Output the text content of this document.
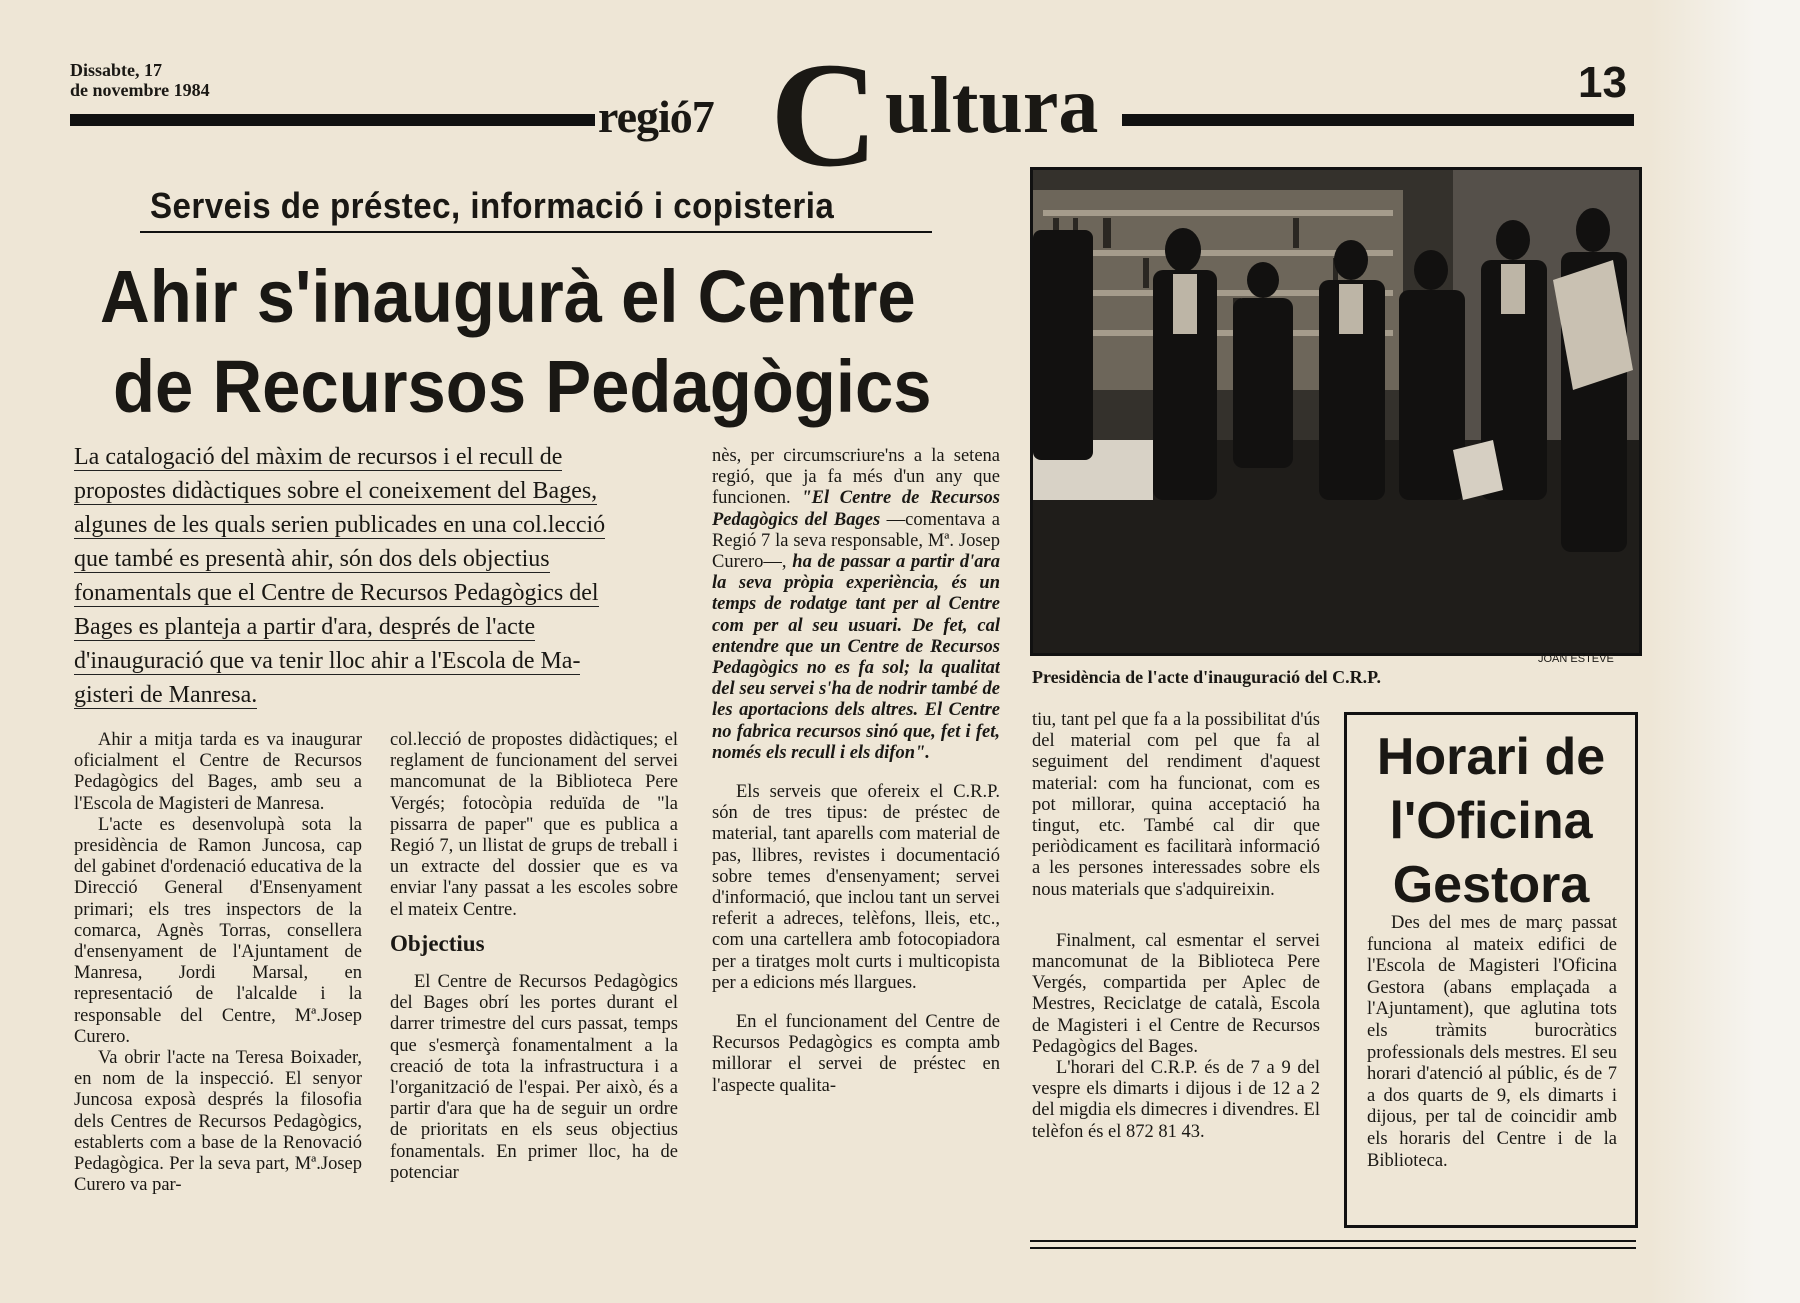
Dissabte, 17
de novembre 1984
regió7 C ultura	13
Serveis de préstec, informació i copisteria
Ahir s'inaugurà el Centre
de Recursos Pedagògics
La catalogació del màxim de recursos i el recull de
propostes didàctiques sobre el coneixement del Bages,
algunes de les quals serien publicades en una col.lecció
que també es presentà ahir, són dos dels objectius
fonamentals que el Centre de Recursos Pedagògics del
Bages es planteja a partir d'ara, després de l'acte
d'inauguració que va tenir lloc ahir a l'Escola de Ma-
gisteri de Manresa.

Ahir a mitja tarda es va inaugurar oficialment el Centre de Recursos Pedagògics del Bages, amb seu a l'Escola de Magisteri de Manresa.

L'acte es desenvolupà sota la presidència de Ramon Juncosa, cap del gabinet d'ordenació educativa de la Direcció General d'Ensenyament primari; els tres inspectors de la comarca, Agnès Torras, consellera d'ensenyament de l'Ajuntament de Manresa, Jordi Marsal, en representació de l'alcalde i la responsable del Centre, Mª.Josep Curero.

Va obrir l'acte na Teresa Boixader, en nom de la inspecció. El senyor Juncosa exposà després la filosofia dels Centres de Recursos Pedagògics, establerts com a base de la Renovació Pedagògica. Per la seva part, Mª.Josep Curero va par-

col.lecció de propostes didàctiques; el reglament de funcionament del servei mancomunat de la Biblioteca Pere Vergés; fotocòpia reduïda de "la pissarra de paper" que es publica a Regió 7, un llistat de grups de treball i un extracte del dossier que es va enviar l'any passat a les escoles sobre el mateix Centre.

Objectius

El Centre de Recursos Pedagògics del Bages obrí les portes durant el darrer trimestre del curs passat, temps que s'esmerçà fonamentalment a la creació de tota la infrastructura i a l'organització de l'espai. Per això, és a partir d'ara que ha de seguir un ordre de prioritats en els seus objectius fonamentals. En primer lloc, ha de potenciar

nès, per circumscriure'ns a la setena regió, que ja fa més d'un any que funcionen. "El Centre de Recursos Pedagògics del Bages —comentava a Regió 7 la seva responsable, Mª. Josep Curero—, ha de passar a partir d'ara la seva pròpia experiència, és un temps de rodatge tant per al Centre com per al seu usuari. De fet, cal entendre que un Centre de Recursos Pedagògics no es fa sol; la qualitat del seu servei s'ha de nodrir també de les aportacions dels altres. El Centre no fabrica recursos sinó que, fet i fet, només els recull i els difon".

Els serveis que ofereix el C.R.P. són de tres tipus: de préstec de material, tant aparells com material de pas, llibres, revistes i documentació sobre temes d'ensenyament; servei d'informació, que inclou tant un servei referit a adreces, telèfons, lleis, etc., com una cartellera amb fotocopiadora per a tiratges molt curts i multicopista per a edicions més llargues.

En el funcionament del Centre de Recursos Pedagògics es compta amb millorar el servei de préstec en l'aspecte qualita-

JOAN ESTEVE
Presidència de l'acte d'inauguració del C.R.P.

tiu, tant pel que fa a la possibilitat d'ús del material com pel que fa al seguiment del rendiment d'aquest material: com ha funcionat, com es pot millorar, quina acceptació ha tingut, etc. També cal dir que periòdicament es facilitarà informació a les persones interessades sobre els nous materials que s'adquireixin.

Finalment, cal esmentar el servei mancomunat de la Biblioteca Pere Vergés, compartida per Aplec de Mestres, Reciclatge de català, Escola de Magisteri i el Centre de Recursos Pedagògics del Bages.

L'horari del C.R.P. és de 7 a 9 del vespre els dimarts i dijous i de 12 a 2 del migdia els dimecres i divendres. El telèfon és el 872 81 43.

Horari de
l'Oficina
Gestora
Des del mes de març passat funciona al mateix edifici de l'Escola de Magisteri l'Oficina Gestora (abans emplaçada a l'Ajuntament), que aglutina tots els tràmits burocràtics professionals dels mestres. El seu horari d'atenció al públic, és de 7 a dos quarts de 9, els dimarts i dijous, per tal de coincidir amb els horaris del Centre i de la Biblioteca.
